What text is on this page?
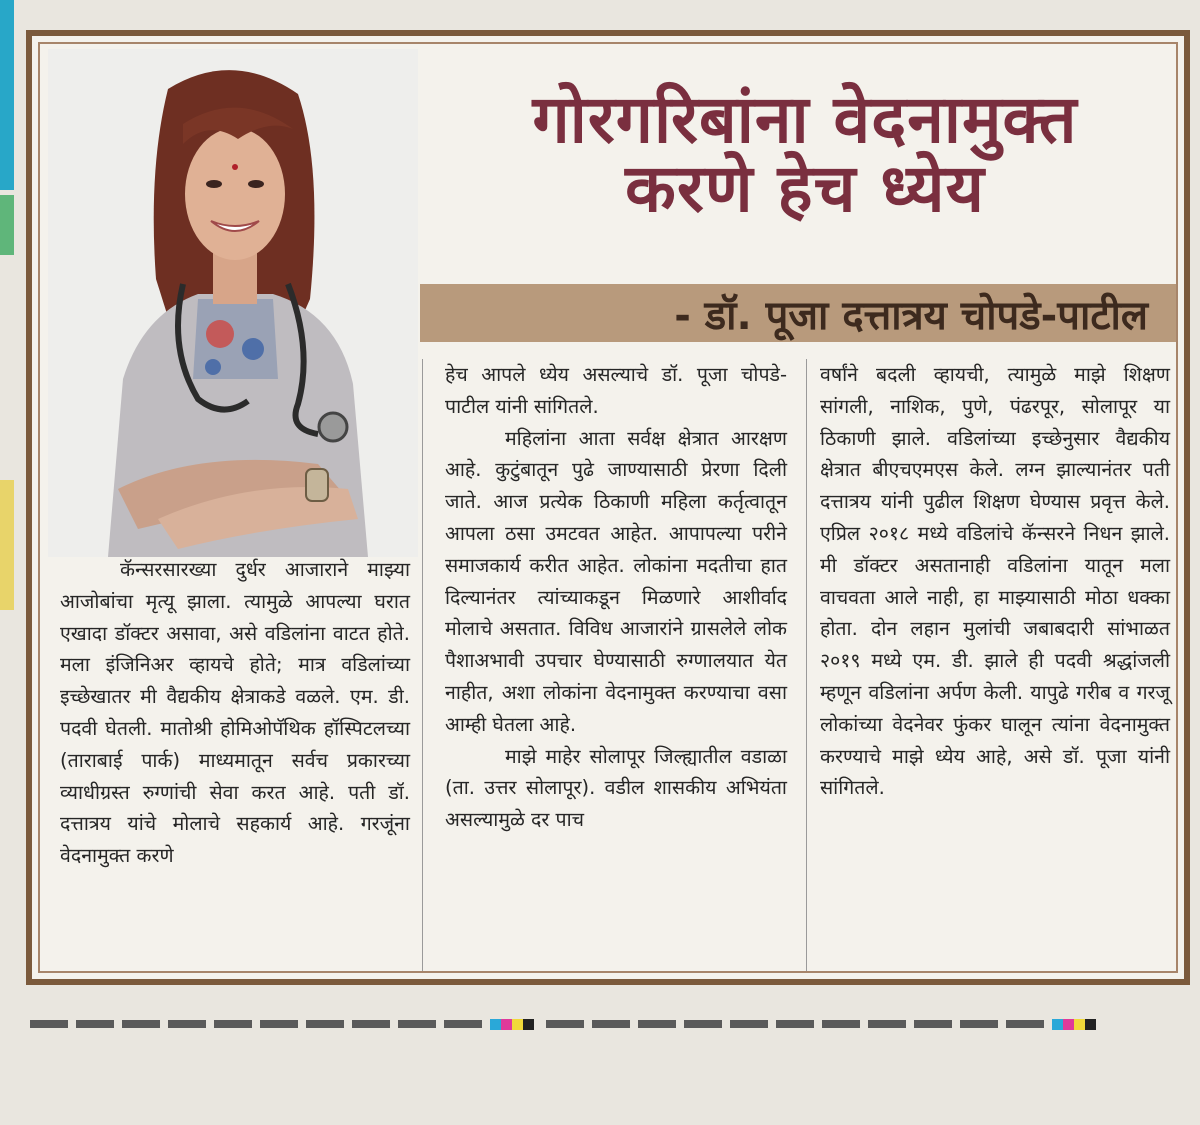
गोरगरिबांना वेदनामुक्त
करणे हेच ध्येय
- डॉ. पूजा दत्तात्रय चोपडे-पाटील

कॅन्सरसारख्या दुर्धर आजाराने माझ्या आजोबांचा मृत्यू झाला. त्यामुळे आपल्या घरात एखादा डॉक्टर असावा, असे वडिलांना वाटत होते. मला इंजिनिअर व्हायचे होते; मात्र वडिलांच्या इच्छेखातर मी वैद्यकीय क्षेत्राकडे वळले. एम. डी. पदवी घेतली. मातोश्री होमिओपॅथिक हॉस्पिटलच्या (ताराबाई पार्क) माध्यमातून सर्वच प्रकारच्या व्याधीग्रस्त रुग्णांची सेवा करत आहे. पती डॉ. दत्तात्रय यांचे मोलाचे सहकार्य आहे. गरजूंना वेदनामुक्त करणे

हेच आपले ध्येय असल्याचे डॉ. पूजा चोपडे-पाटील यांनी सांगितले.

महिलांना आता सर्वक्ष क्षेत्रात आरक्षण आहे. कुटुंबातून पुढे जाण्यासाठी प्रेरणा दिली जाते. आज प्रत्येक ठिकाणी महिला कर्तृत्वातून आपला ठसा उमटवत आहेत. आपापल्या परीने समाजकार्य करीत आहेत. लोकांना मदतीचा हात दिल्यानंतर त्यांच्याकडून मिळणारे आशीर्वाद मोलाचे असतात. विविध आजारांने ग्रासलेले लोक पैशाअभावी उपचार घेण्यासाठी रुग्णालयात येत नाहीत, अशा लोकांना वेदनामुक्त करण्याचा वसा आम्ही घेतला आहे.

माझे माहेर सोलापूर जिल्ह्यातील वडाळा (ता. उत्तर सोलापूर). वडील शासकीय अभियंता असल्यामुळे दर पाच

वर्षांने बदली व्हायची, त्यामुळे माझे शिक्षण सांगली, नाशिक, पुणे, पंढरपूर, सोलापूर या ठिकाणी झाले. वडिलांच्या इच्छेनुसार वैद्यकीय क्षेत्रात बीएचएमएस केले. लग्न झाल्यानंतर पती दत्तात्रय यांनी पुढील शिक्षण घेण्यास प्रवृत्त केले. एप्रिल २०१८ मध्ये वडिलांचे कॅन्सरने निधन झाले. मी डॉक्टर असतानाही वडिलांना यातून मला वाचवता आले नाही, हा माझ्यासाठी मोठा धक्का होता. दोन लहान मुलांची जबाबदारी सांभाळत २०१९ मध्ये एम. डी. झाले ही पदवी श्रद्धांजली म्हणून वडिलांना अर्पण केली. यापुढे गरीब व गरजू लोकांच्या वेदनेवर फुंकर घालून त्यांना वेदनामुक्त करण्याचे माझे ध्येय आहे, असे डॉ. पूजा यांनी सांगितले.
